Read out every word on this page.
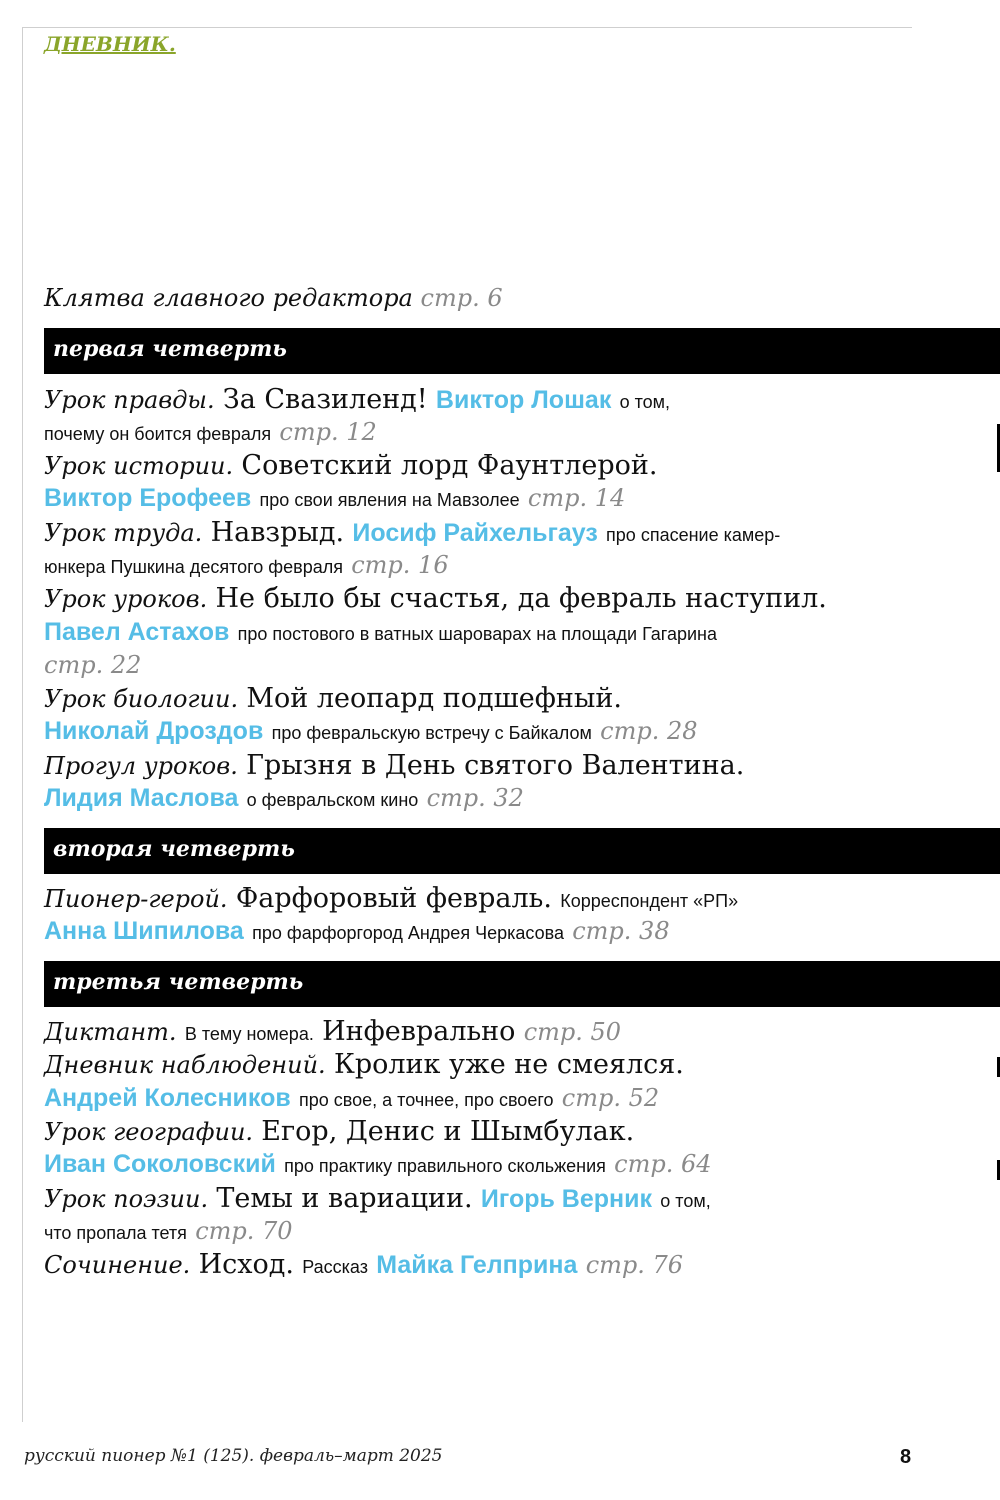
ДНЕВНИК.
Клятва главного редактора стр. 6
первая четверть
Урок правды. За Свазиленд! Виктор Лошак о том,
почему он боится февраля стр. 12
Урок истории. Советский лорд Фаунтлерой.
Виктор Ерофеев про свои явления на Мавзолее стр. 14
Урок труда. Навзрыд. Иосиф Райхельгауз про спасение камер-
юнкера Пушкина десятого февраля стр. 16
Урок уроков. Не было бы счастья, да февраль наступил.
Павел Астахов про постового в ватных шароварах на площади Гагарина
стр. 22
Урок биологии. Мой леопард подшефный.
Николай Дроздов про февральскую встречу с Байкалом стр. 28
Прогул уроков. Грызня в День святого Валентина.
Лидия Маслова о февральском кино стр. 32
вторая четверть
Пионер-герой. Фарфоровый февраль. Корреспондент «РП»
Анна Шипилова про фарфоргород Андрея Черкасова стр. 38
третья четверть
Диктант. В тему номера. Инфеврально стр. 50
Дневник наблюдений. Кролик уже не смеялся.
Андрей Колесников про свое, а точнее, про своего стр. 52
Урок географии. Егор, Денис и Шымбулак.
Иван Соколовский про практику правильного скольжения стр. 64
Урок поэзии. Темы и вариации. Игорь Верник о том,
что пропала тетя стр. 70
Сочинение. Исход. Рассказ Майка Гелприна стр. 76
русский пионер №1 (125). февраль–март 2025	8
